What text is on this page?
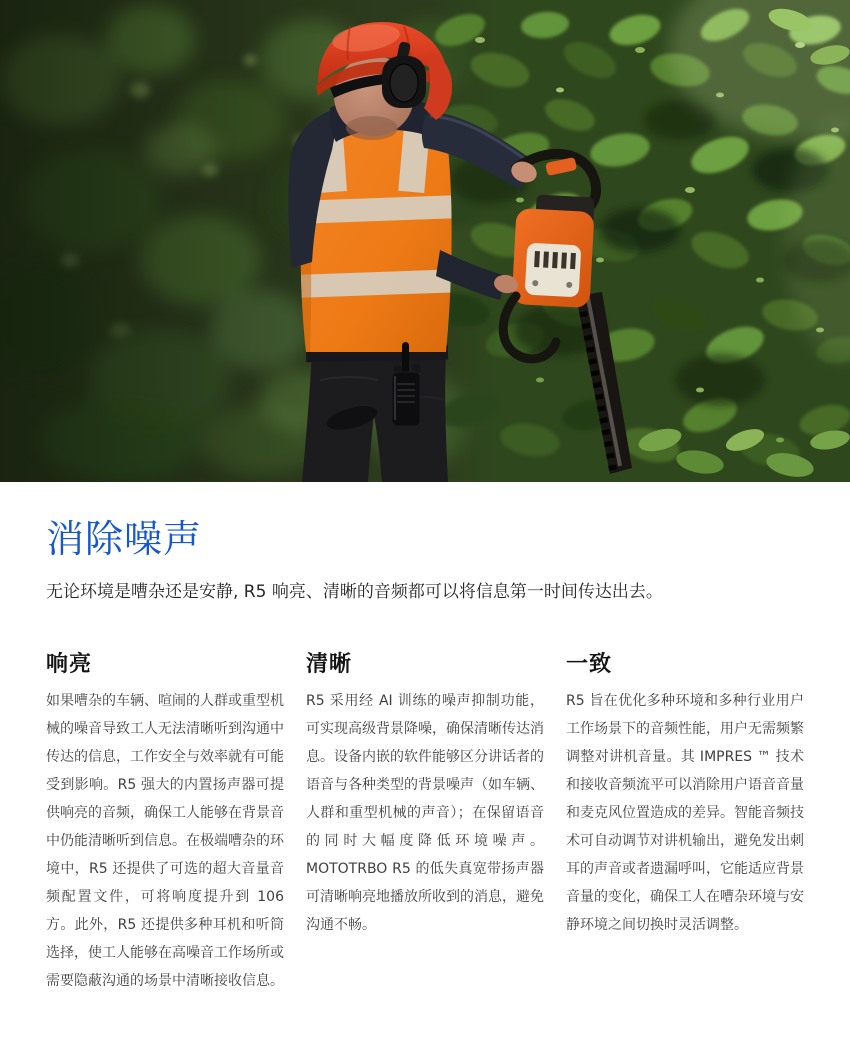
消除噪声

无论环境是嘈杂还是安静, R5 响亮、清晰的音频都可以将信息第一时间传达出去。

响亮

如果嘈杂的车辆、喧闹的人群或重型机械的噪音导致工人无法清晰听到沟通中传达的信息，工作安全与效率就有可能受到影响。R5 强大的内置扬声器可提供响亮的音频，确保工人能够在背景音中仍能清晰听到信息。在极端嘈杂的环境中，R5 还提供了可选的超大音量音频配置文件，可将响度提升到 106 方。此外，R5 还提供多种耳机和听筒选择，使工人能够在高噪音工作场所或需要隐蔽沟通的场景中清晰接收信息。

清晰

R5 采用经 AI 训练的噪声抑制功能，可实现高级背景降噪，确保清晰传达消息。设备内嵌的软件能够区分讲话者的语音与各种类型的背景噪声（如车辆、人群和重型机械的声音）；在保留语音的同时大幅度降低环境噪声。MOTOTRBO R5 的低失真宽带扬声器可清晰响亮地播放所收到的消息，避免沟通不畅。

一致

R5 旨在优化多种环境和多种行业用户工作场景下的音频性能，用户无需频繁调整对讲机音量。其 IMPRES ™ 技术和接收音频流平可以消除用户语音音量和麦克风位置造成的差异。智能音频技术可自动调节对讲机输出，避免发出刺耳的声音或者遗漏呼叫，它能适应背景音量的变化，确保工人在嘈杂环境与安静环境之间切换时灵活调整。
